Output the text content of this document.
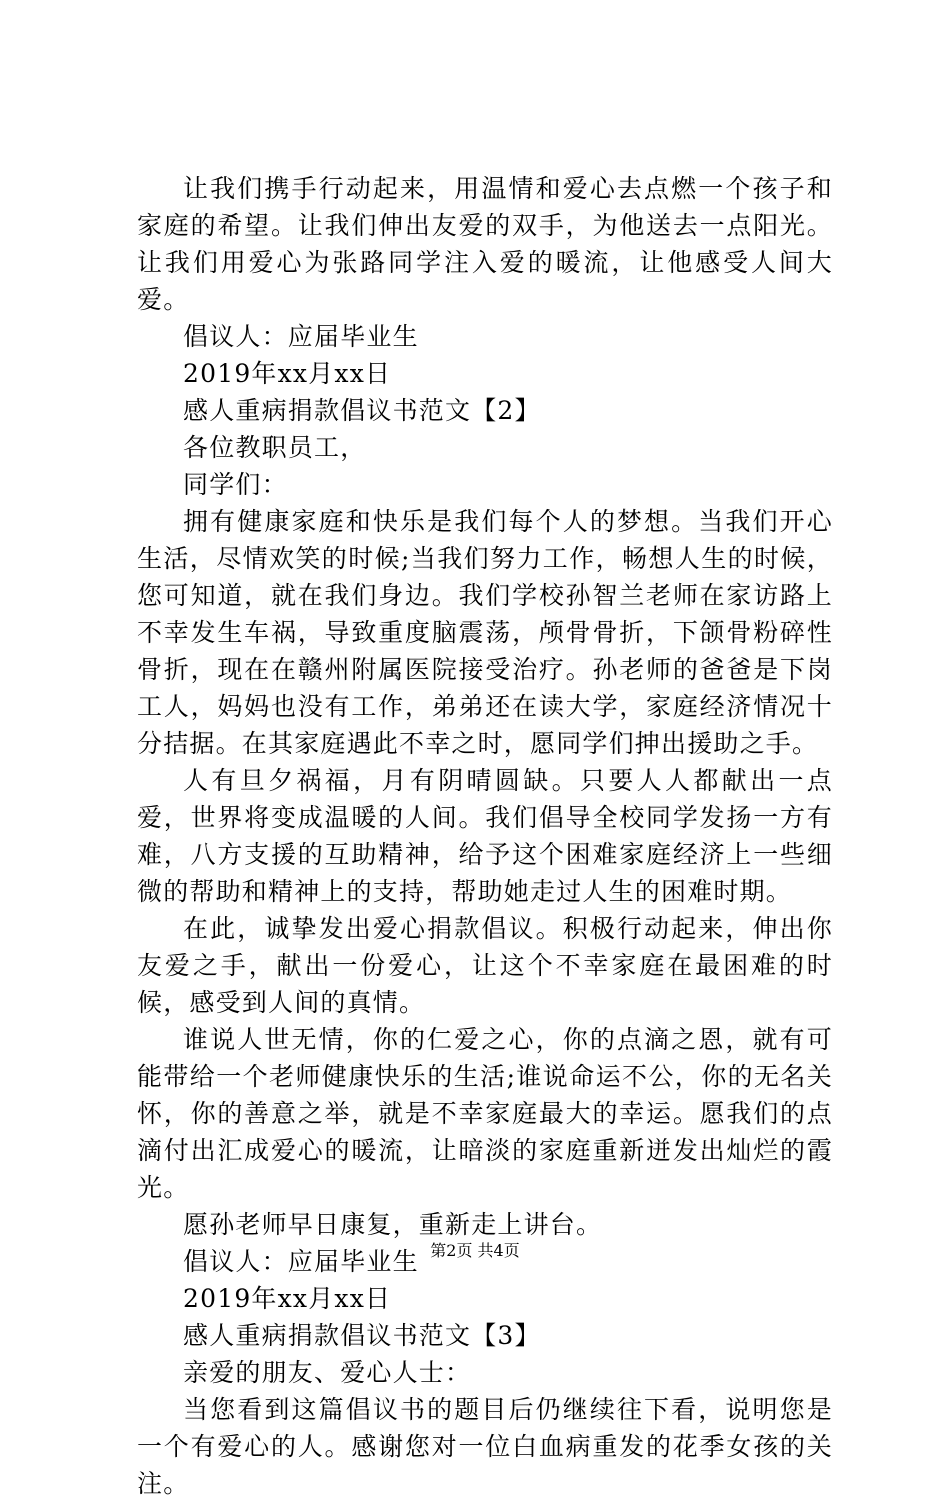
让我们携手行动起来，用温情和爱心去点燃一个孩子和家庭的希望。让我们伸出友爱的双手，为他送去一点阳光。让我们用爱心为张路同学注入爱的暖流，让他感受人间大爱。

倡议人：应届毕业生

2019年xx月xx日

感人重病捐款倡议书范文【2】

各位教职员工，

同学们：

拥有健康家庭和快乐是我们每个人的梦想。当我们开心生活，尽情欢笑的时候;当我们努力工作，畅想人生的时候，您可知道，就在我们身边。我们学校孙智兰老师在家访路上不幸发生车祸，导致重度脑震荡，颅骨骨折，下颌骨粉碎性骨折，现在在赣州附属医院接受治疗。孙老师的爸爸是下岗工人，妈妈也没有工作，弟弟还在读大学，家庭经济情况十分拮据。在其家庭遇此不幸之时，愿同学们抻出援助之手。

人有旦夕祸福，月有阴晴圆缺。只要人人都献出一点爱，世界将变成温暖的人间。我们倡导全校同学发扬一方有难，八方支援的互助精神，给予这个困难家庭经济上一些细微的帮助和精神上的支持，帮助她走过人生的困难时期。

在此，诚挚发出爱心捐款倡议。积极行动起来，伸出你友爱之手，献出一份爱心，让这个不幸家庭在最困难的时候，感受到人间的真情。

谁说人世无情，你的仁爱之心，你的点滴之恩，就有可能带给一个老师健康快乐的生活;谁说命运不公，你的无名关怀，你的善意之举，就是不幸家庭最大的幸运。愿我们的点滴付出汇成爱心的暖流，让暗淡的家庭重新迸发出灿烂的霞光。

愿孙老师早日康复，重新走上讲台。

倡议人：应届毕业生

2019年xx月xx日

感人重病捐款倡议书范文【3】

亲爱的朋友、爱心人士：

当您看到这篇倡议书的题目后仍继续往下看，说明您是一个有爱心的人。感谢您对一位白血病重发的花季女孩的关注。

第2页 共4页
